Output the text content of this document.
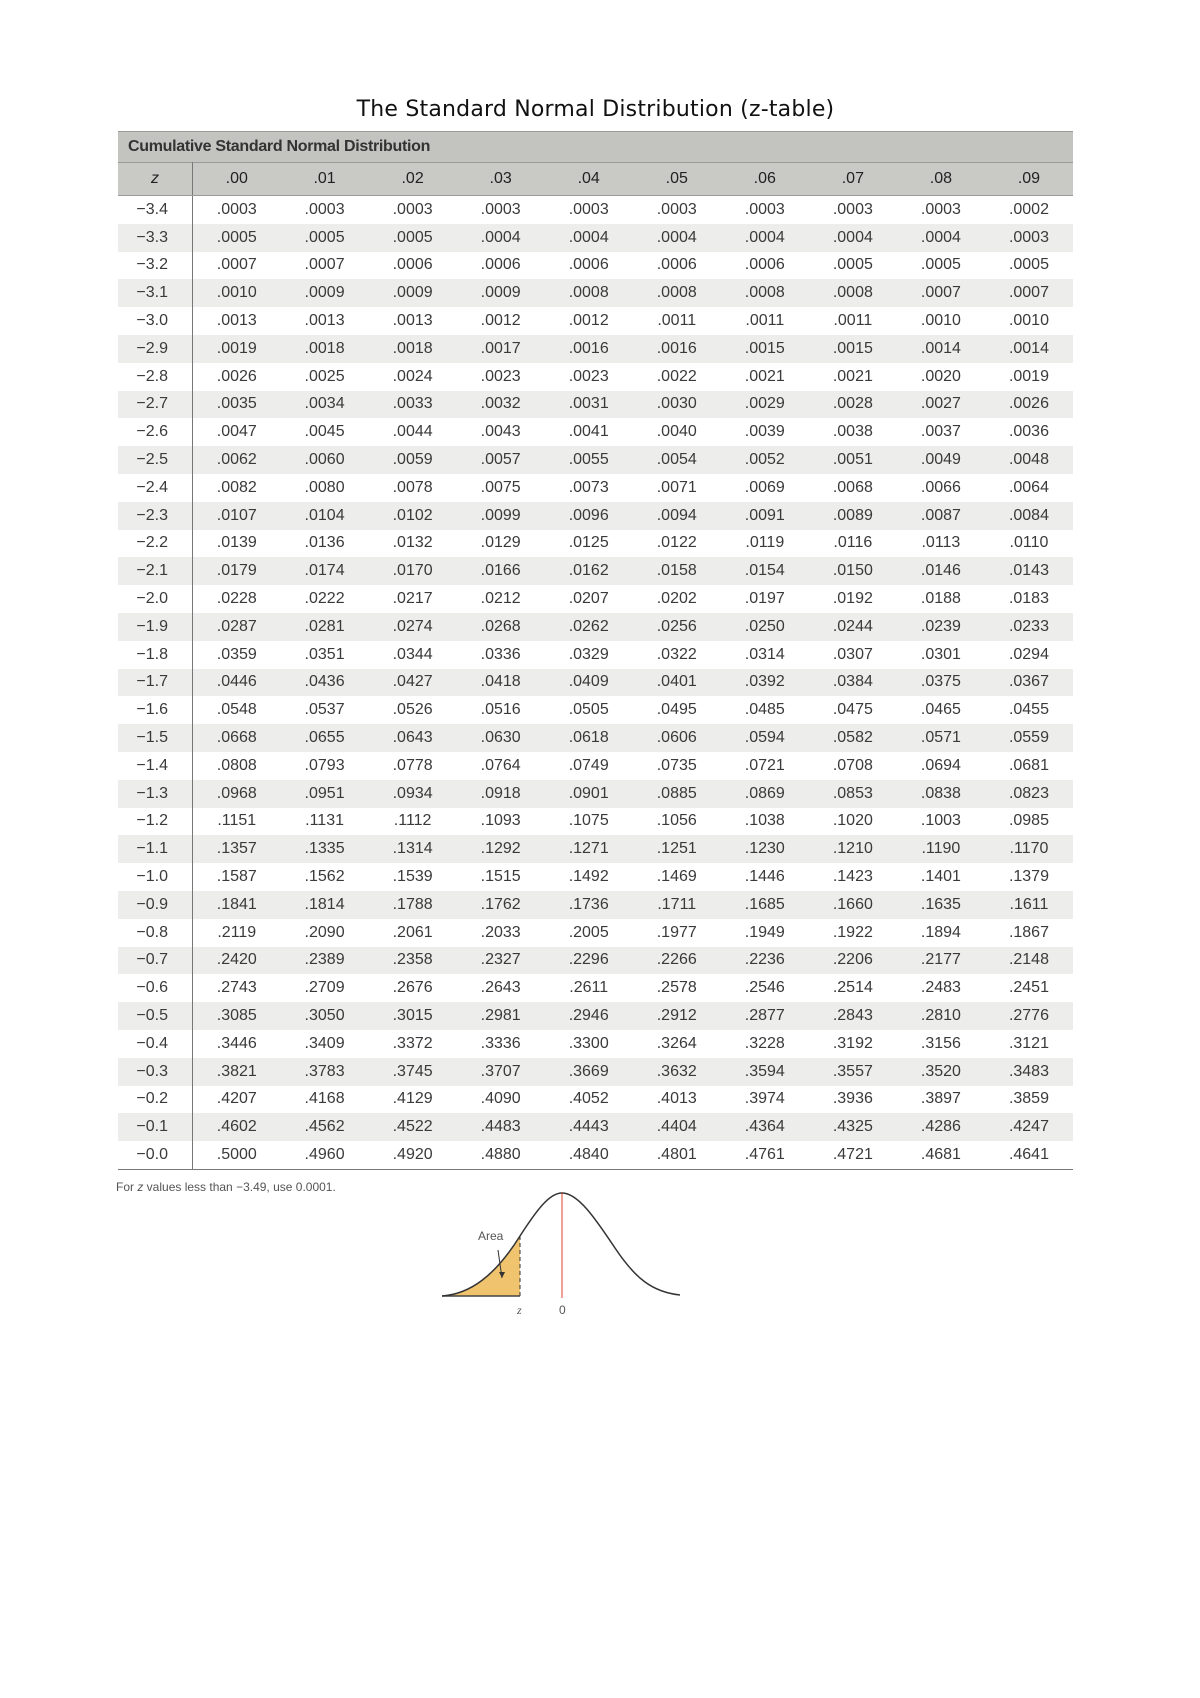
The Standard Normal Distribution (z-table)
Cumulative Standard Normal Distribution
z	.00	.01	.02	.03	.04	.05	.06	.07	.08	.09
−3.4	.0003	.0003	.0003	.0003	.0003	.0003	.0003	.0003	.0003	.0002
−3.3	.0005	.0005	.0005	.0004	.0004	.0004	.0004	.0004	.0004	.0003
−3.2	.0007	.0007	.0006	.0006	.0006	.0006	.0006	.0005	.0005	.0005
−3.1	.0010	.0009	.0009	.0009	.0008	.0008	.0008	.0008	.0007	.0007
−3.0	.0013	.0013	.0013	.0012	.0012	.0011	.0011	.0011	.0010	.0010
−2.9	.0019	.0018	.0018	.0017	.0016	.0016	.0015	.0015	.0014	.0014
−2.8	.0026	.0025	.0024	.0023	.0023	.0022	.0021	.0021	.0020	.0019
−2.7	.0035	.0034	.0033	.0032	.0031	.0030	.0029	.0028	.0027	.0026
−2.6	.0047	.0045	.0044	.0043	.0041	.0040	.0039	.0038	.0037	.0036
−2.5	.0062	.0060	.0059	.0057	.0055	.0054	.0052	.0051	.0049	.0048
−2.4	.0082	.0080	.0078	.0075	.0073	.0071	.0069	.0068	.0066	.0064
−2.3	.0107	.0104	.0102	.0099	.0096	.0094	.0091	.0089	.0087	.0084
−2.2	.0139	.0136	.0132	.0129	.0125	.0122	.0119	.0116	.0113	.0110
−2.1	.0179	.0174	.0170	.0166	.0162	.0158	.0154	.0150	.0146	.0143
−2.0	.0228	.0222	.0217	.0212	.0207	.0202	.0197	.0192	.0188	.0183
−1.9	.0287	.0281	.0274	.0268	.0262	.0256	.0250	.0244	.0239	.0233
−1.8	.0359	.0351	.0344	.0336	.0329	.0322	.0314	.0307	.0301	.0294
−1.7	.0446	.0436	.0427	.0418	.0409	.0401	.0392	.0384	.0375	.0367
−1.6	.0548	.0537	.0526	.0516	.0505	.0495	.0485	.0475	.0465	.0455
−1.5	.0668	.0655	.0643	.0630	.0618	.0606	.0594	.0582	.0571	.0559
−1.4	.0808	.0793	.0778	.0764	.0749	.0735	.0721	.0708	.0694	.0681
−1.3	.0968	.0951	.0934	.0918	.0901	.0885	.0869	.0853	.0838	.0823
−1.2	.1151	.1131	.1112	.1093	.1075	.1056	.1038	.1020	.1003	.0985
−1.1	.1357	.1335	.1314	.1292	.1271	.1251	.1230	.1210	.1190	.1170
−1.0	.1587	.1562	.1539	.1515	.1492	.1469	.1446	.1423	.1401	.1379
−0.9	.1841	.1814	.1788	.1762	.1736	.1711	.1685	.1660	.1635	.1611
−0.8	.2119	.2090	.2061	.2033	.2005	.1977	.1949	.1922	.1894	.1867
−0.7	.2420	.2389	.2358	.2327	.2296	.2266	.2236	.2206	.2177	.2148
−0.6	.2743	.2709	.2676	.2643	.2611	.2578	.2546	.2514	.2483	.2451
−0.5	.3085	.3050	.3015	.2981	.2946	.2912	.2877	.2843	.2810	.2776
−0.4	.3446	.3409	.3372	.3336	.3300	.3264	.3228	.3192	.3156	.3121
−0.3	.3821	.3783	.3745	.3707	.3669	.3632	.3594	.3557	.3520	.3483
−0.2	.4207	.4168	.4129	.4090	.4052	.4013	.3974	.3936	.3897	.3859
−0.1	.4602	.4562	.4522	.4483	.4443	.4404	.4364	.4325	.4286	.4247
−0.0	.5000	.4960	.4920	.4880	.4840	.4801	.4761	.4721	.4681	.4641
For z values less than −3.49, use 0.0001.
Area
z	0
